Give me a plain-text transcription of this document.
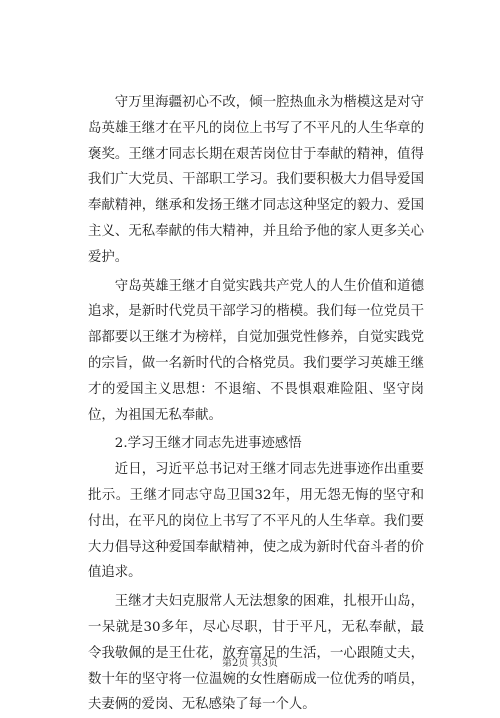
守万里海疆初心不改，倾一腔热血永为楷模这是对守岛英雄王继才在平凡的岗位上书写了不平凡的人生华章的褒奖。王继才同志长期在艰苦岗位甘于奉献的精神，值得我们广大党员、干部职工学习。我们要积极大力倡导爱国奉献精神，继承和发扬王继才同志这种坚定的毅力、爱国主义、无私奉献的伟大精神，并且给予他的家人更多关心爱护。

守岛英雄王继才自觉实践共产党人的人生价值和道德追求，是新时代党员干部学习的楷模。我们每一位党员干部都要以王继才为榜样，自觉加强党性修养，自觉实践党的宗旨，做一名新时代的合格党员。我们要学习英雄王继才的爱国主义思想：不退缩、不畏惧艰难险阻、坚守岗位，为祖国无私奉献。

2.学习王继才同志先进事迹感悟

近日，习近平总书记对王继才同志先进事迹作出重要批示。王继才同志守岛卫国32年，用无怨无悔的坚守和付出，在平凡的岗位上书写了不平凡的人生华章。我们要大力倡导这种爱国奉献精神，使之成为新时代奋斗者的价值追求。

王继才夫妇克服常人无法想象的困难，扎根开山岛，一呆就是30多年，尽心尽职，甘于平凡，无私奉献，最令我敬佩的是王仕花，放弃富足的生活，一心跟随丈夫，数十年的坚守将一位温婉的女性磨砺成一位优秀的哨员，夫妻俩的爱岗、无私感染了每一个人。

第2页 共3页
